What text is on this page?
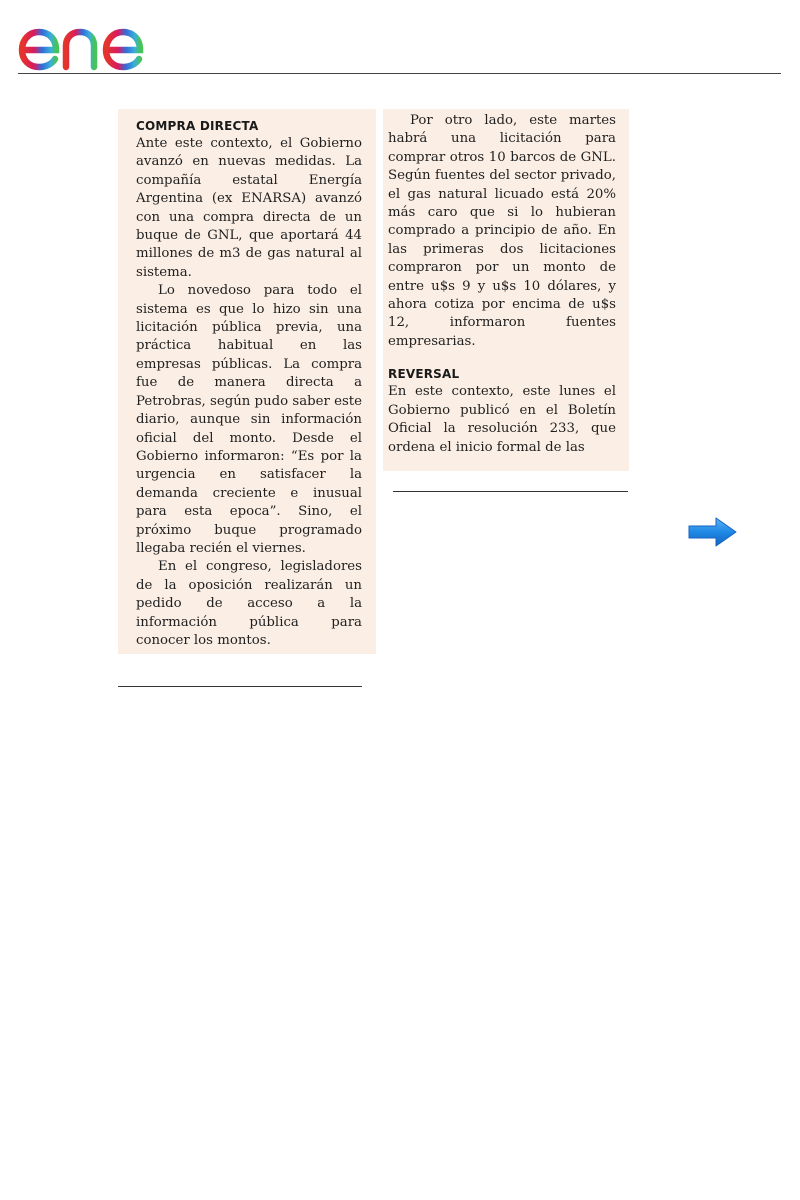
COMPRA DIRECTA

Ante este contexto, el Gobierno avanzó en nuevas medidas. La compañía estatal Energía Argentina (ex ENARSA) avanzó con una compra directa de un buque de GNL, que aportará 44 millones de m3 de gas natural al sistema.

Lo novedoso para todo el sistema es que lo hizo sin una licitación pública previa, una práctica habitual en las empresas públicas. La compra fue de manera directa a Petrobras, según pudo saber este diario, aunque sin información oficial del monto. Desde el Gobierno informaron: “Es por la urgencia en satisfacer la demanda creciente e inusual para esta epoca”. Sino, el próximo buque programado llegaba recién el viernes.

En el congreso, legisladores de la oposición realizarán un pedido de acceso a la información pública para conocer los montos.

Por otro lado, este martes habrá una licitación para comprar otros 10 barcos de GNL. Según fuentes del sector privado, el gas natural licuado está 20% más caro que si lo hubieran comprado a principio de año. En las primeras dos licitaciones compraron por un monto de entre u$s 9 y u$s 10 dólares, y ahora cotiza por encima de u$s 12, informaron fuentes empresarias.

REVERSAL

En este contexto, este lunes el Gobierno publicó en el Boletín Oficial la resolución 233, que ordena el inicio formal de las
